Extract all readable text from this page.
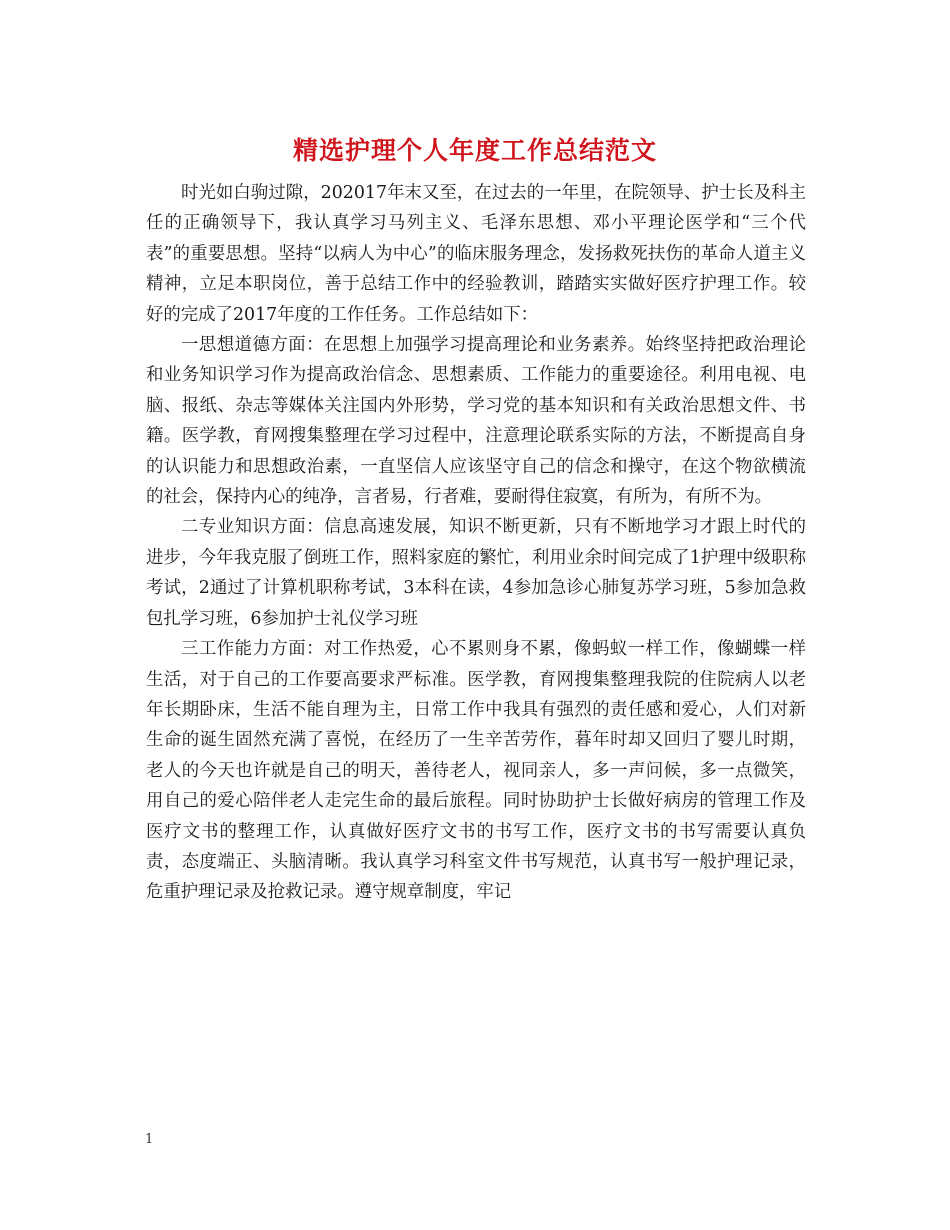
精选护理个人年度工作总结范文

时光如白驹过隙，202017年末又至，在过去的一年里，在院领导、护士长及科主任的正确领导下，我认真学习马列主义、毛泽东思想、邓小平理论医学和“三个代表”的重要思想。坚持“以病人为中心”的临床服务理念，发扬救死扶伤的革命人道主义精神，立足本职岗位，善于总结工作中的经验教训，踏踏实实做好医疗护理工作。较好的完成了2017年度的工作任务。工作总结如下：

一思想道德方面：在思想上加强学习提高理论和业务素养。始终坚持把政治理论和业务知识学习作为提高政治信念、思想素质、工作能力的重要途径。利用电视、电脑、报纸、杂志等媒体关注国内外形势，学习党的基本知识和有关政治思想文件、书籍。医学教，育网搜集整理在学习过程中，注意理论联系实际的方法，不断提高自身的认识能力和思想政治素，一直坚信人应该坚守自己的信念和操守，在这个物欲横流的社会，保持内心的纯净，言者易，行者难，要耐得住寂寞，有所为，有所不为。

二专业知识方面：信息高速发展，知识不断更新，只有不断地学习才跟上时代的进步，今年我克服了倒班工作，照料家庭的繁忙，利用业余时间完成了1护理中级职称考试，2通过了计算机职称考试，3本科在读，4参加急诊心肺复苏学习班，5参加急救包扎学习班，6参加护士礼仪学习班

三工作能力方面：对工作热爱，心不累则身不累，像蚂蚁一样工作，像蝴蝶一样生活，对于自己的工作要高要求严标准。医学教，育网搜集整理我院的住院病人以老年长期卧床，生活不能自理为主，日常工作中我具有强烈的责任感和爱心，人们对新生命的诞生固然充满了喜悦，在经历了一生辛苦劳作，暮年时却又回归了婴儿时期，老人的今天也许就是自己的明天，善待老人，视同亲人，多一声问候，多一点微笑，用自己的爱心陪伴老人走完生命的最后旅程。同时协助护士长做好病房的管理工作及医疗文书的整理工作，认真做好医疗文书的书写工作，医疗文书的书写需要认真负责，态度端正、头脑清晰。我认真学习科室文件书写规范，认真书写一般护理记录，危重护理记录及抢救记录。遵守规章制度，牢记

1
